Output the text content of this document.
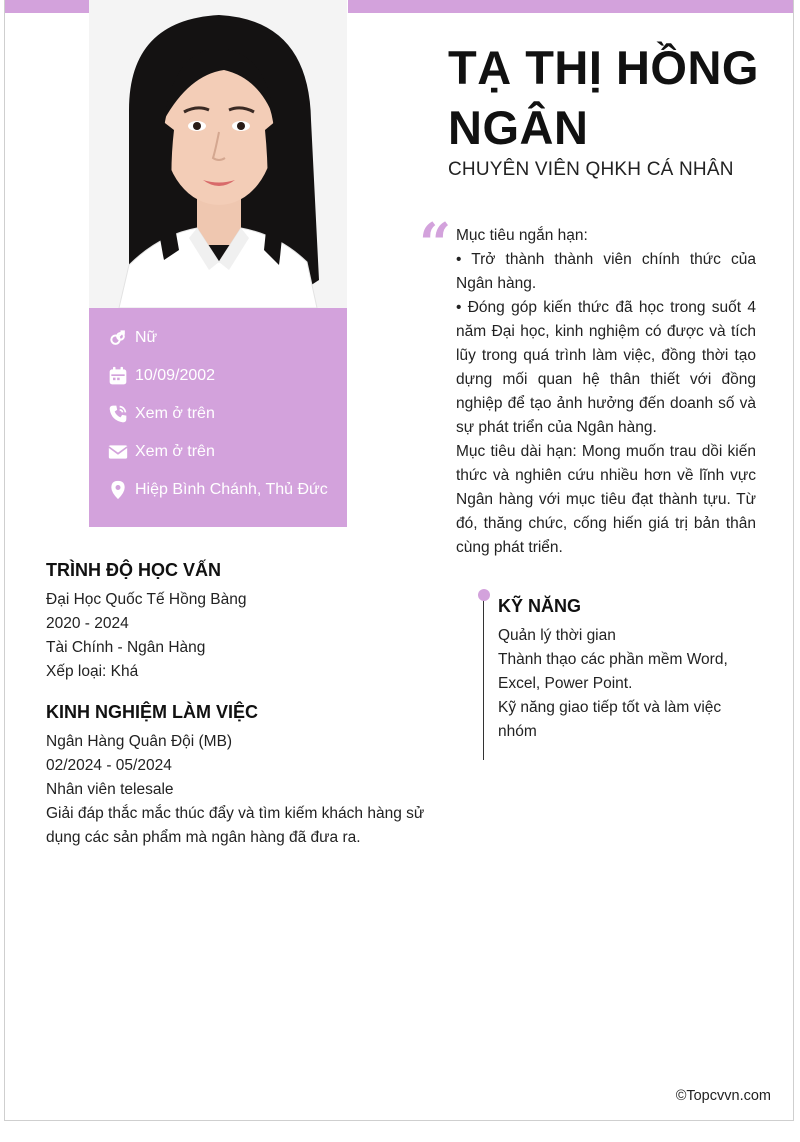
Nữ
10/09/2002
Xem ở trên
Xem ở trên
Hiệp Bình Chánh, Thủ Đức
TẠ THỊ HỒNG NGÂN
CHUYÊN VIÊN QHKH CÁ NHÂN
“ Mục tiêu ngắn hạn:

• Trở thành thành viên chính thức của Ngân hàng.

• Đóng góp kiến thức đã học trong suốt 4 năm Đại học, kinh nghiệm có được và tích lũy trong quá trình làm việc, đồng thời tạo dựng mối quan hệ thân thiết với đồng nghiệp để tạo ảnh hưởng đến doanh số và sự phát triển của Ngân hàng.

Mục tiêu dài hạn: Mong muốn trau dồi kiến thức và nghiên cứu nhiều hơn về lĩnh vực Ngân hàng với mục tiêu đạt thành tựu. Từ đó, thăng chức, cống hiến giá trị bản thân cùng phát triển.

KỸ NĂNG

Quản lý thời gian

Thành thạo các phần mềm Word, Excel, Power Point.

Kỹ năng giao tiếp tốt và làm việc nhóm

TRÌNH ĐỘ HỌC VẤN

Đại Học Quốc Tế Hồng Bàng

2020 - 2024

Tài Chính - Ngân Hàng

Xếp loại: Khá

KINH NGHIỆM LÀM VIỆC

Ngân Hàng Quân Đội (MB)

02/2024 - 05/2024

Nhân viên telesale

Giải đáp thắc mắc thúc đẩy và tìm kiếm khách hàng sử dụng các sản phẩm mà ngân hàng đã đưa ra.

©Topcvvn.com
